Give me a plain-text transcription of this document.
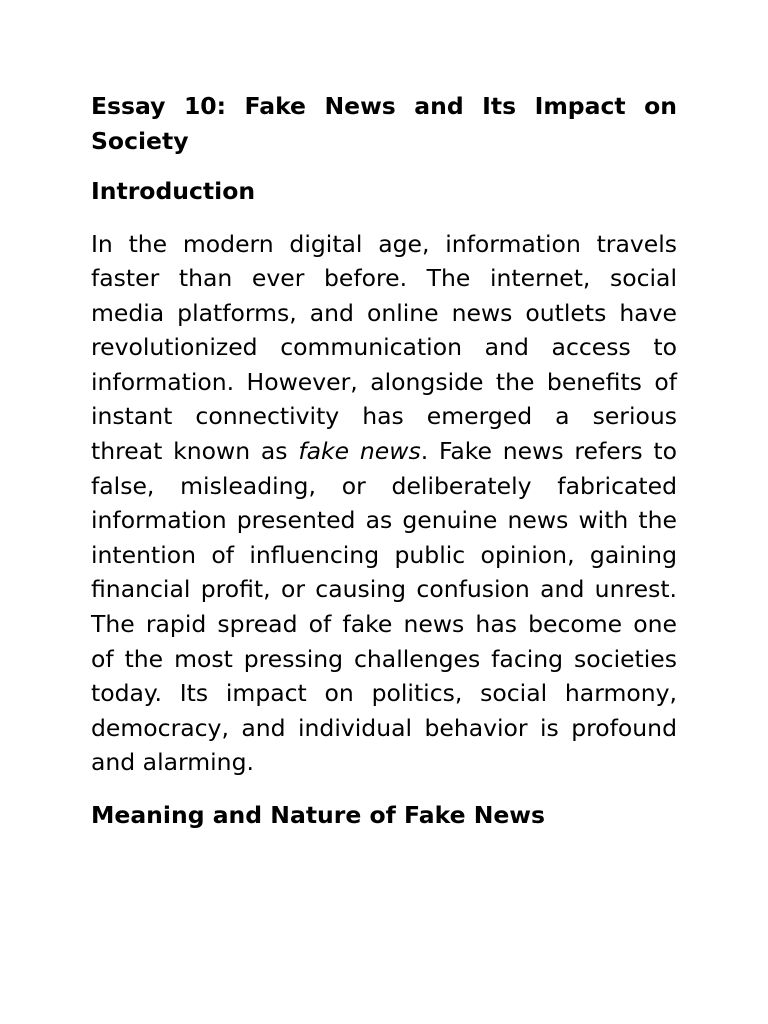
Essay 10: Fake News and Its Impact on Society
Introduction

In the modern digital age, information travels faster than ever before. The internet, social media platforms, and online news outlets have revolutionized communication and access to information. However, alongside the benefits of instant connectivity has emerged a serious threat known as fake news. Fake news refers to false, misleading, or deliberately fabricated information presented as genuine news with the intention of influencing public opinion, gaining financial profit, or causing confusion and unrest. The rapid spread of fake news has become one of the most pressing challenges facing societies today. Its impact on politics, social harmony, democracy, and individual behavior is profound and alarming.

Meaning and Nature of Fake News
